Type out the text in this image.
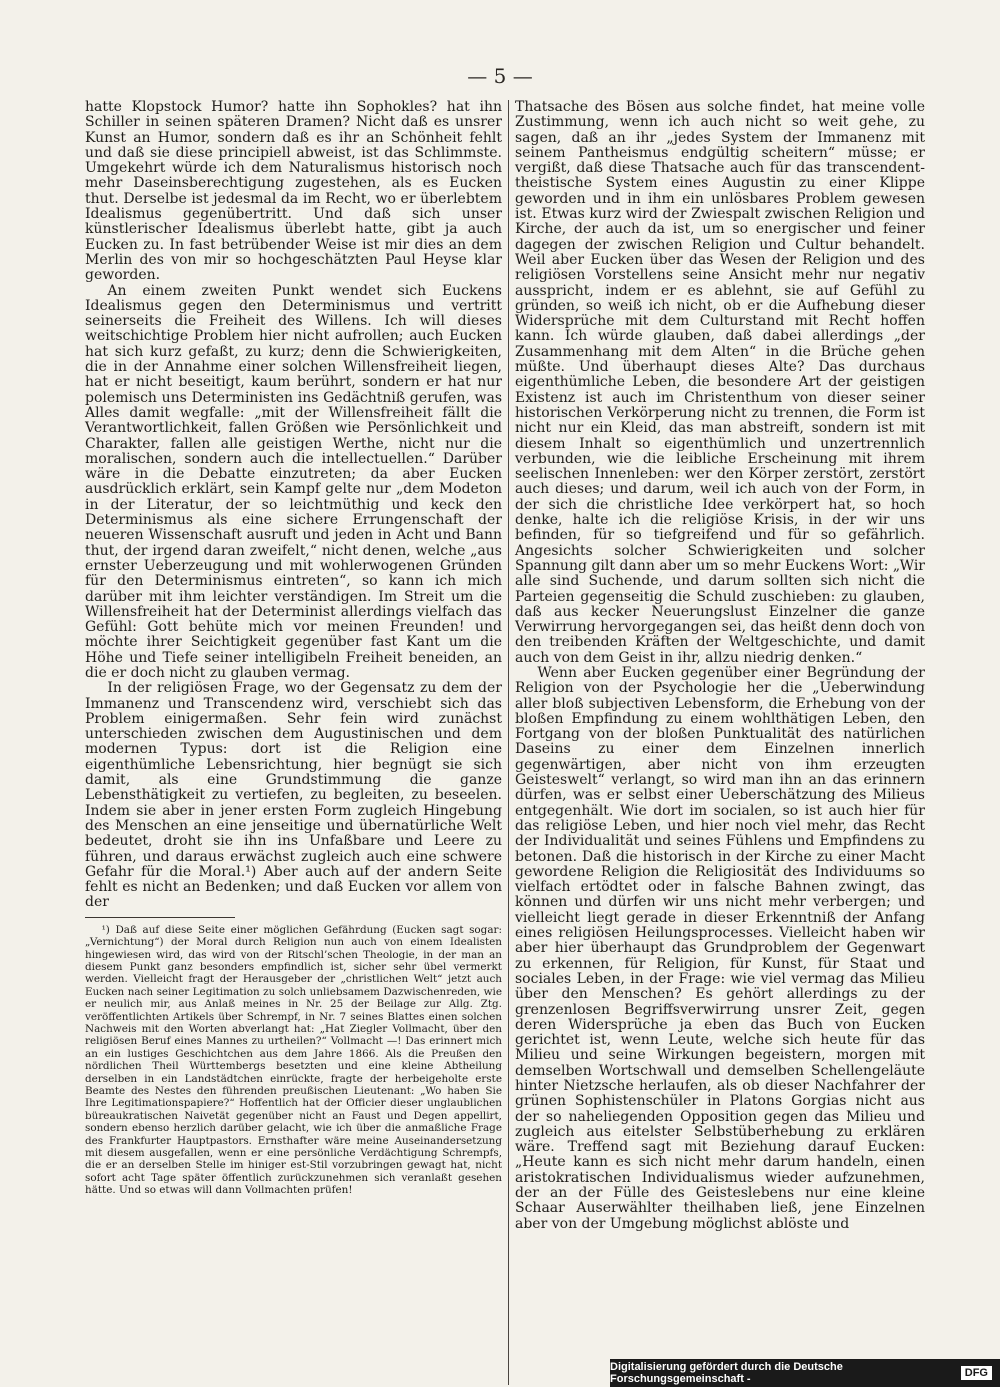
— 5 —

hatte Klopstock Humor? hatte ihn Sophokles? hat ihn Schiller in seinen späteren Dramen? Nicht daß es unsrer Kunst an Humor, sondern daß es ihr an Schönheit fehlt und daß sie diese principiell abweist, ist das Schlimmste. Umgekehrt würde ich dem Naturalismus historisch noch mehr Daseinsberechtigung zugestehen, als es Eucken thut. Derselbe ist jedesmal da im Recht, wo er überlebtem Idealismus gegenübertritt. Und daß sich unser künstlerischer Idealismus überlebt hatte, gibt ja auch Eucken zu. In fast betrübender Weise ist mir dies an dem Merlin des von mir so hochgeschätzten Paul Heyse klar geworden.

An einem zweiten Punkt wendet sich Euckens Idealismus gegen den Determinismus und vertritt seinerseits die Freiheit des Willens. Ich will dieses weitschichtige Problem hier nicht aufrollen; auch Eucken hat sich kurz gefaßt, zu kurz; denn die Schwierigkeiten, die in der Annahme einer solchen Willensfreiheit liegen, hat er nicht beseitigt, kaum berührt, sondern er hat nur polemisch uns Deterministen ins Gedächtniß gerufen, was Alles damit wegfalle: „mit der Willensfreiheit fällt die Verantwortlichkeit, fallen Größen wie Persönlichkeit und Charakter, fallen alle geistigen Werthe, nicht nur die moralischen, sondern auch die intellectuellen.“ Darüber wäre in die Debatte einzutreten; da aber Eucken ausdrücklich erklärt, sein Kampf gelte nur „dem Modeton in der Literatur, der so leichtmüthig und keck den Determinismus als eine sichere Errungenschaft der neueren Wissenschaft ausruft und jeden in Acht und Bann thut, der irgend daran zweifelt,“ nicht denen, welche „aus ernster Ueberzeugung und mit wohlerwogenen Gründen für den Determinismus eintreten“, so kann ich mich darüber mit ihm leichter verständigen. Im Streit um die Willensfreiheit hat der Determinist allerdings vielfach das Gefühl: Gott behüte mich vor meinen Freunden! und möchte ihrer Seichtigkeit gegenüber fast Kant um die Höhe und Tiefe seiner intelligibeln Freiheit beneiden, an die er doch nicht zu glauben vermag.

In der religiösen Frage, wo der Gegensatz zu dem der Immanenz und Transcendenz wird, verschiebt sich das Problem einigermaßen. Sehr fein wird zunächst unterschieden zwischen dem Augustinischen und dem modernen Typus: dort ist die Religion eine eigenthümliche Lebensrichtung, hier begnügt sie sich damit, als eine Grundstimmung die ganze Lebensthätigkeit zu vertiefen, zu begleiten, zu beseelen. Indem sie aber in jener ersten Form zugleich Hingebung des Menschen an eine jenseitige und übernatürliche Welt bedeutet, droht sie ihn ins Unfaßbare und Leere zu führen, und daraus erwächst zugleich auch eine schwere Gefahr für die Moral.¹) Aber auch auf der andern Seite fehlt es nicht an Bedenken; und daß Eucken vor allem von der

¹) Daß auf diese Seite einer möglichen Gefährdung (Eucken sagt sogar: „Vernichtung“) der Moral durch Religion nun auch von einem Idealisten hingewiesen wird, das wird von der Ritschl’schen Theologie, in der man an diesem Punkt ganz besonders empfindlich ist, sicher sehr übel vermerkt werden. Vielleicht fragt der Herausgeber der „christlichen Welt“ jetzt auch Eucken nach seiner Legitimation zu solch unliebsamem Dazwischenreden, wie er neulich mir, aus Anlaß meines in Nr. 25 der Beilage zur Allg. Ztg. veröffentlichten Artikels über Schrempf, in Nr. 7 seines Blattes einen solchen Nachweis mit den Worten abverlangt hat: „Hat Ziegler Vollmacht, über den religiösen Beruf eines Mannes zu urtheilen?“ Vollmacht —! Das erinnert mich an ein lustiges Geschichtchen aus dem Jahre 1866. Als die Preußen den nördlichen Theil Württembergs besetzten und eine kleine Abtheilung derselben in ein Landstädtchen einrückte, fragte der herbeigeholte erste Beamte des Nestes den führenden preußischen Lieutenant: „Wo haben Sie Ihre Legitimationspapiere?“ Hoffentlich hat der Officier dieser unglaublichen büreaukratischen Naivetät gegenüber nicht an Faust und Degen appellirt, sondern ebenso herzlich darüber gelacht, wie ich über die anmaßliche Frage des Frankfurter Hauptpastors. Ernsthafter wäre meine Auseinandersetzung mit diesem ausgefallen, wenn er eine persönliche Verdächtigung Schrempfs, die er an derselben Stelle im hiniger est-Stil vorzubringen gewagt hat, nicht sofort acht Tage später öffentlich zurückzunehmen sich veranlaßt gesehen hätte. Und so etwas will dann Vollmachten prüfen!

Thatsache des Bösen aus solche findet, hat meine volle Zustimmung, wenn ich auch nicht so weit gehe, zu sagen, daß an ihr „jedes System der Immanenz mit seinem Pantheismus endgültig scheitern“ müsse; er vergißt, daß diese Thatsache auch für das transcendent-theistische System eines Augustin zu einer Klippe geworden und in ihm ein unlösbares Problem gewesen ist. Etwas kurz wird der Zwiespalt zwischen Religion und Kirche, der auch da ist, um so energischer und feiner dagegen der zwischen Religion und Cultur behandelt. Weil aber Eucken über das Wesen der Religion und des religiösen Vorstellens seine Ansicht mehr nur negativ ausspricht, indem er es ablehnt, sie auf Gefühl zu gründen, so weiß ich nicht, ob er die Aufhebung dieser Widersprüche mit dem Culturstand mit Recht hoffen kann. Ich würde glauben, daß dabei allerdings „der Zusammenhang mit dem Alten“ in die Brüche gehen müßte. Und überhaupt dieses Alte? Das durchaus eigenthümliche Leben, die besondere Art der geistigen Existenz ist auch im Christenthum von dieser seiner historischen Verkörperung nicht zu trennen, die Form ist nicht nur ein Kleid, das man abstreift, sondern ist mit diesem Inhalt so eigenthümlich und unzertrennlich verbunden, wie die leibliche Erscheinung mit ihrem seelischen Innenleben: wer den Körper zerstört, zerstört auch dieses; und darum, weil ich auch von der Form, in der sich die christliche Idee verkörpert hat, so hoch denke, halte ich die religiöse Krisis, in der wir uns befinden, für so tiefgreifend und für so gefährlich. Angesichts solcher Schwierigkeiten und solcher Spannung gilt dann aber um so mehr Euckens Wort: „Wir alle sind Suchende, und darum sollten sich nicht die Parteien gegenseitig die Schuld zuschieben: zu glauben, daß aus kecker Neuerungslust Einzelner die ganze Verwirrung hervorgegangen sei, das heißt denn doch von den treibenden Kräften der Weltgeschichte, und damit auch von dem Geist in ihr, allzu niedrig denken.“

Wenn aber Eucken gegenüber einer Begründung der Religion von der Psychologie her die „Ueberwindung aller bloß subjectiven Lebensform, die Erhebung von der bloßen Empfindung zu einem wohlthätigen Leben, den Fortgang von der bloßen Punktualität des natürlichen Daseins zu einer dem Einzelnen innerlich gegenwärtigen, aber nicht von ihm erzeugten Geisteswelt“ verlangt, so wird man ihn an das erinnern dürfen, was er selbst einer Ueberschätzung des Milieus entgegenhält. Wie dort im socialen, so ist auch hier für das religiöse Leben, und hier noch viel mehr, das Recht der Individualität und seines Fühlens und Empfindens zu betonen. Daß die historisch in der Kirche zu einer Macht gewordene Religion die Religiosität des Individuums so vielfach ertödtet oder in falsche Bahnen zwingt, das können und dürfen wir uns nicht mehr verbergen; und vielleicht liegt gerade in dieser Erkenntniß der Anfang eines religiösen Heilungsprocesses. Vielleicht haben wir aber hier überhaupt das Grundproblem der Gegenwart zu erkennen, für Religion, für Kunst, für Staat und sociales Leben, in der Frage: wie viel vermag das Milieu über den Menschen? Es gehört allerdings zu der grenzenlosen Begriffsverwirrung unsrer Zeit, gegen deren Widersprüche ja eben das Buch von Eucken gerichtet ist, wenn Leute, welche sich heute für das Milieu und seine Wirkungen begeistern, morgen mit demselben Wortschwall und demselben Schellengeläute hinter Nietzsche herlaufen, als ob dieser Nachfahrer der grünen Sophistenschüler in Platons Gorgias nicht aus der so naheliegenden Opposition gegen das Milieu und zugleich aus eitelster Selbstüberhebung zu erklären wäre. Treffend sagt mit Beziehung darauf Eucken: „Heute kann es sich nicht mehr darum handeln, einen aristokratischen Individualismus wieder aufzunehmen, der an der Fülle des Geisteslebens nur eine kleine Schaar Auserwählter theilhaben ließ, jene Einzelnen aber von der Umgebung möglichst ablöste und

Digitalisierung gefördert durch die Deutsche Forschungsgemeinschaft -	DFG
